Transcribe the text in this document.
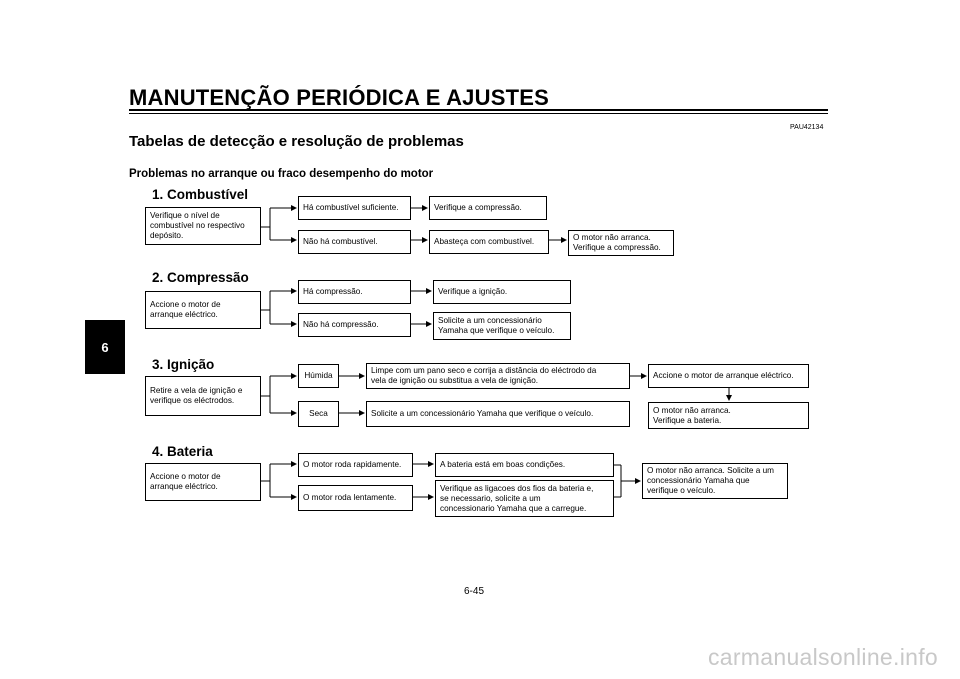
MANUTENÇÃO PERIÓDICA E AJUSTES
PAU42134
Tabelas de detecção e resolução de problemas
Problemas no arranque ou fraco desempenho do motor
6
1. Combustível
Verifique o nível de
combustível no respectivo
depósito.
Há combustível suficiente.	Verifique a compressão.
Não há combustível.	Abasteça com combustível.	O motor não arranca.
Verifique a compressão.
2. Compressão
Accione o motor de
arranque eléctrico.
Há compressão.	Verifique a ignição.
Não há compressão.	Solicite a um concessionário
Yamaha que verifique o veículo.
3. Ignição
Retire a vela de ignição e
verifique os eléctrodos.
Húmida
Limpe com um pano seco e corrija a distância do eléctrodo da
vela de ignição ou substitua a vela de ignição.
Accione o motor de arranque eléctrico.
Seca	Solicite a um concessionário Yamaha que verifique o veículo.	O motor não arranca.
Verifique a bateria.
4. Bateria
Accione o motor de
arranque eléctrico.
O motor roda rapidamente.	A bateria está em boas condições.
O motor roda lentamente.
Verifique as ligacoes dos fios da bateria e,
se necessario, solicite a um
concessionario Yamaha que a carregue.
O motor não arranca. Solicite a um
concessionário Yamaha que
verifique o veículo.
6-45
carmanualsonline.info
